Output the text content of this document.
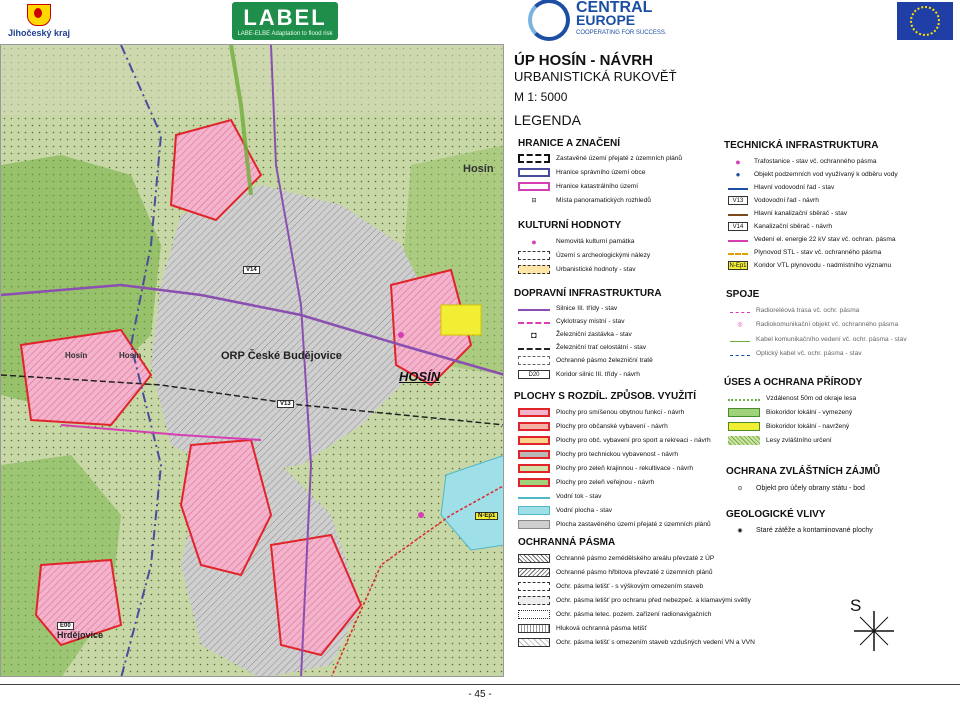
Jihočeský kraj
LABEL
LABE-ELBE Adaptation to flood risk
CENTRAL
EUROPE
COOPERATING FOR SUCCESS.
Hosín
Hosín	Hosín	ORP České Budějovice
HOSÍN
Hrdějovice
V14
V13
N-Ep1
E00
ÚP HOSÍN - NÁVRH
URBANISTICKÁ RUKOVĚŤ
M 1: 5000
LEGENDA
HRANICE A ZNAČENÍ
Zastavěné území přejaté z územních plánů
Hranice správního území obce
Hranice katastrálního území
⊟	Místa panoramatických rozhledů
KULTURNÍ HODNOTY
●	Nemovitá kulturní památka
Území s archeologickými nálezy
Urbanistické hodnoty - stav
DOPRAVNÍ INFRASTRUKTURA
Silnice III. třídy - stav
Cyklotrasy místní - stav
◘	Železniční zastávka - stav
Železniční trať celostátní - stav
Ochranné pásmo železniční tratě
D20	Koridor silnic III. třídy - návrh
PLOCHY S ROZDÍL. ZPŮSOB. VYUŽITÍ
Plochy pro smíšenou obytnou funkci - návrh
Plochy pro občanské vybavení - návrh
Plochy pro obč. vybavení pro sport a rekreaci - návrh
Plochy pro technickou vybavenost - návrh
Plochy pro zeleň krajinnou - rekultivace - návrh
Plochy pro zeleň veřejnou - návrh
Vodní tok - stav
Vodní plocha - stav
Plocha zastavěného území přejaté z územních plánů
OCHRANNÁ PÁSMA
Ochranné pásmo zemědělského areálu převzaté z ÚP
Ochranné pásmo hřbitova převzaté z územních plánů
Ochr. pásma letišť - s výškovým omezením staveb
Ochr. pásma letišť pro ochranu před nebezpeč. a klamavými světly
Ochr. pásma letec. pozem. zařízení radionavigačních
Hluková ochranná pásma letišť
Ochr. pásma letišť s omezením staveb vzdušných vedení VN a VVN
TECHNICKÁ INFRASTRUKTURA
●	Trafostanice - stav vč. ochranného pásma
●	Objekt podzemních vod využívaný k odběru vody
Hlavní vodovodní řad - stav
V13	Vodovodní řad - návrh
Hlavní kanalizační sběrač - stav
V14	Kanalizační sběrač - návrh
Vedení el. energie 22 kV stav vč. ochran. pásma
Plynovod STL - stav vč. ochranného pásma
N-Ep1 Koridor VTL plynovodu - nadmístního významu
SPOJE
Radioreléová trasa vč. ochr. pásma
◎	Radiokomunikační objekt vč. ochranného pásma
Kabel komunikačního vedení vč. ochr. pásma - stav
Optický kabel vč. ochr. pásma - stav
ÚSES A OCHRANA PŘÍRODY
Vzdálenost 50m od okraje lesa
Biokoridor lokální - vymezený
Biokoridor lokální - navržený
Lesy zvláštního určení
OCHRANA ZVLÁŠTNÍCH ZÁJMŮ
⊙	Objekt pro účely obrany státu - bod
GEOLOGICKÉ VLIVY
◉	Staré zátěže a kontaminované plochy
S
- 45 -
